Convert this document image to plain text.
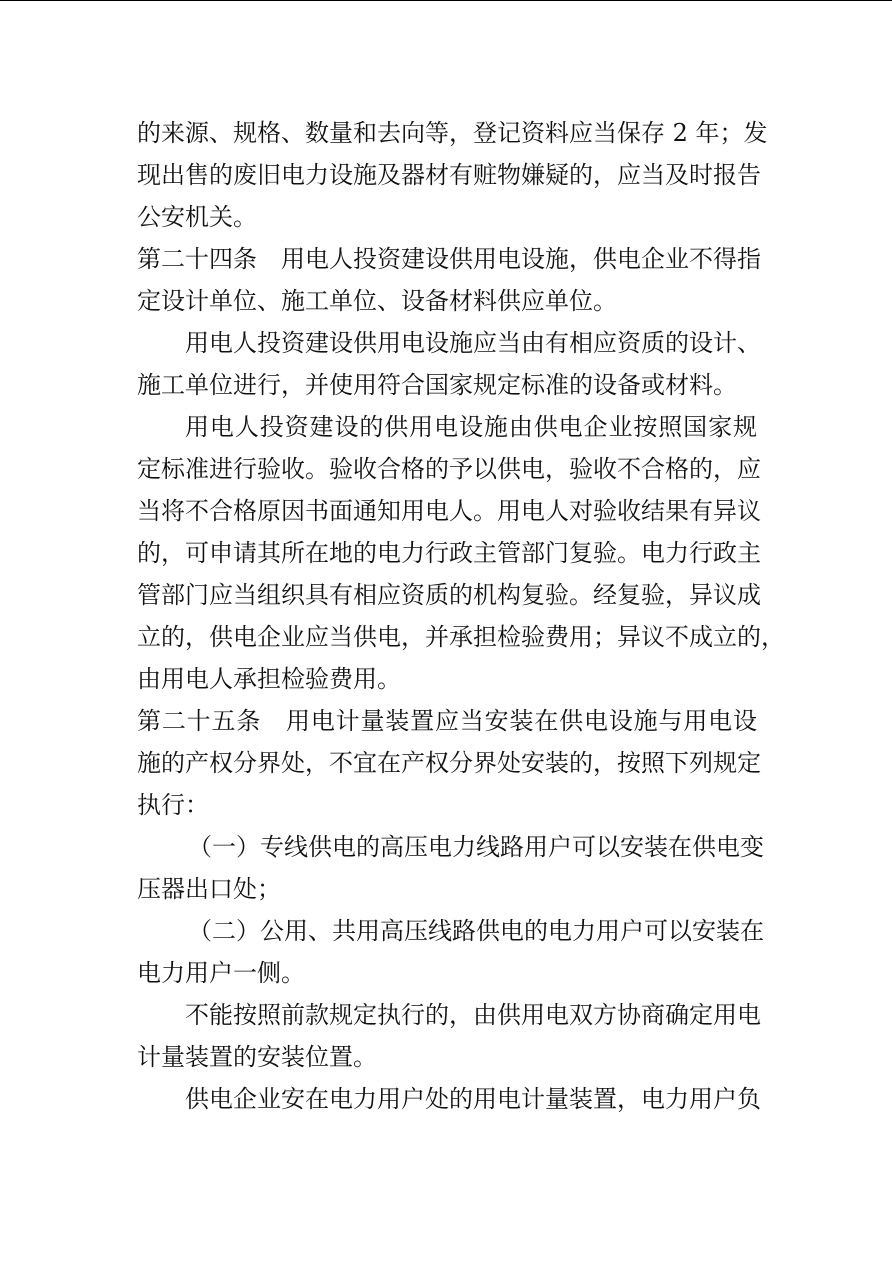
的来源、规格、数量和去向等，登记资料应当保存 2 年；发
现出售的废旧电力设施及器材有赃物嫌疑的，应当及时报告
公安机关。
第二十四条　用电人投资建设供用电设施，供电企业不得指
定设计单位、施工单位、设备材料供应单位。
用电人投资建设供用电设施应当由有相应资质的设计、
施工单位进行，并使用符合国家规定标准的设备或材料。
用电人投资建设的供用电设施由供电企业按照国家规
定标准进行验收。验收合格的予以供电，验收不合格的，应
当将不合格原因书面通知用电人。用电人对验收结果有异议
的，可申请其所在地的电力行政主管部门复验。电力行政主
管部门应当组织具有相应资质的机构复验。经复验，异议成
立的，供电企业应当供电，并承担检验费用；异议不成立的，
由用电人承担检验费用。
第二十五条　用电计量装置应当安装在供电设施与用电设
施的产权分界处，不宜在产权分界处安装的，按照下列规定
执行：
（一）专线供电的高压电力线路用户可以安装在供电变
压器出口处；
（二）公用、共用高压线路供电的电力用户可以安装在
电力用户一侧。
不能按照前款规定执行的，由供用电双方协商确定用电
计量装置的安装位置。
供电企业安在电力用户处的用电计量装置，电力用户负
